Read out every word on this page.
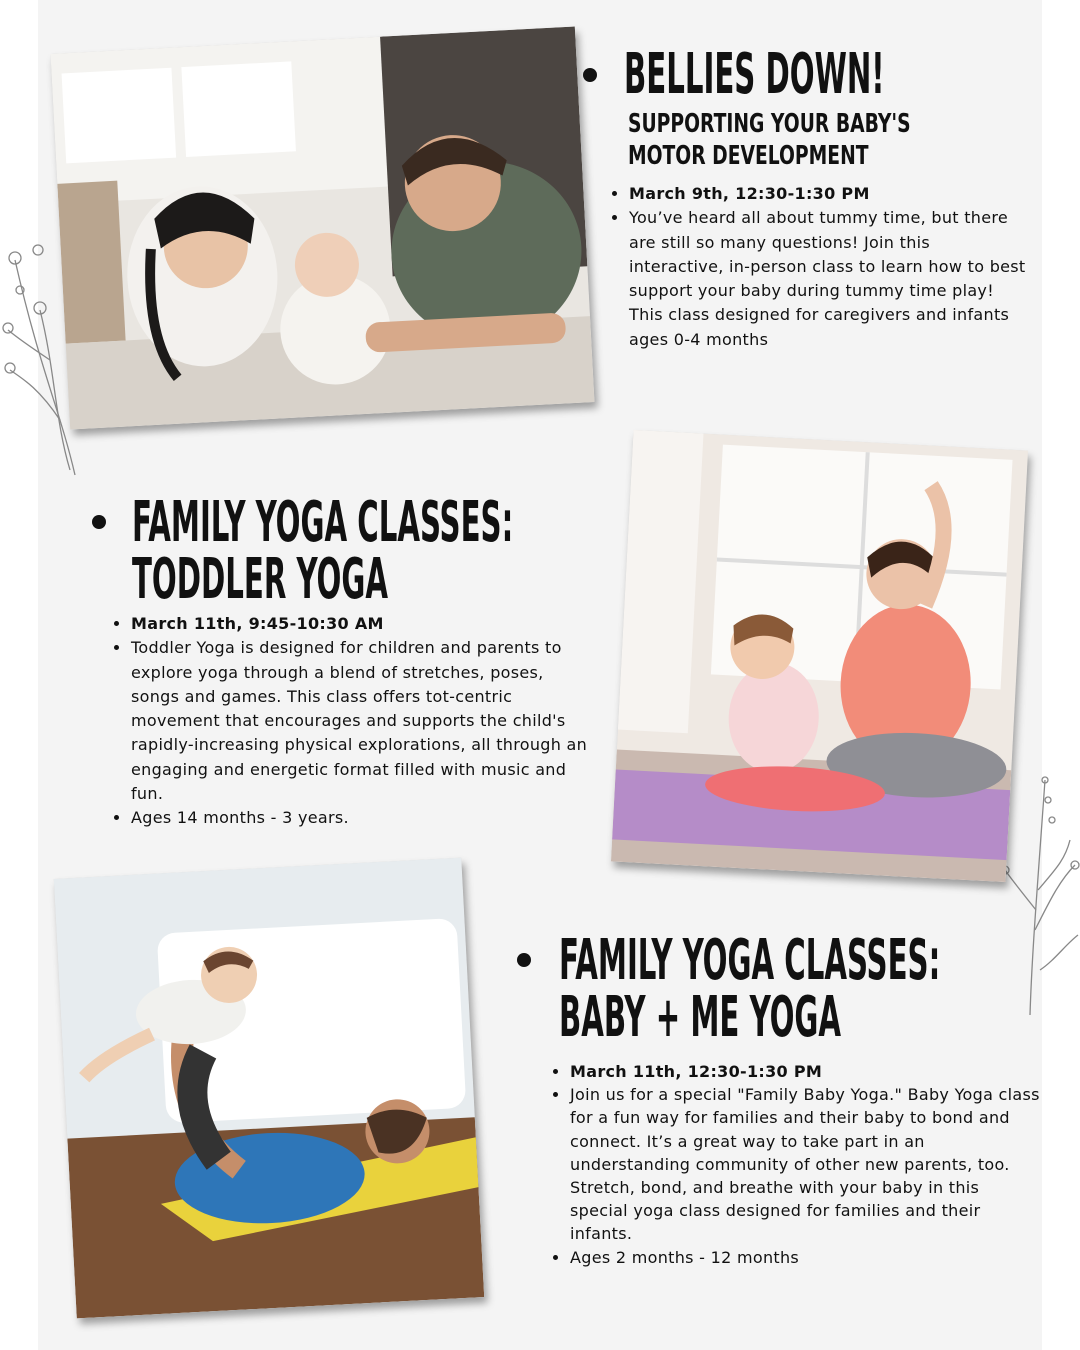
BELLIES DOWN!

SUPPORTING YOUR BABY'S

MOTOR DEVELOPMENT

• March 9th, 12:30-1:30 PM
• You’ve heard all about tummy time, but there are still so many questions! Join this interactive, in-person class to learn how to best support your baby during tummy time play! This class designed for caregivers and infants ages 0-4 months
FAMILY YOGA CLASSES:
TODDLER YOGA
• March 11th, 9:45-10:30 AM
• Toddler Yoga is designed for children and parents to explore yoga through a blend of stretches, poses, songs and games. This class offers tot-centric movement that encourages and supports the child's rapidly-increasing physical explorations, all through an engaging and energetic format filled with music and fun.
• Ages 14 months - 3 years.
FAMILY YOGA CLASSES:
BABY + ME YOGA
• March 11th, 12:30-1:30 PM
• Join us for a special "Family Baby Yoga." Baby Yoga class for a fun way for families and their baby to bond and connect. It’s a great way to take part in an understanding community of other new parents, too. Stretch, bond, and breathe with your baby in this special yoga class designed for families and their infants.
• Ages 2 months - 12 months
